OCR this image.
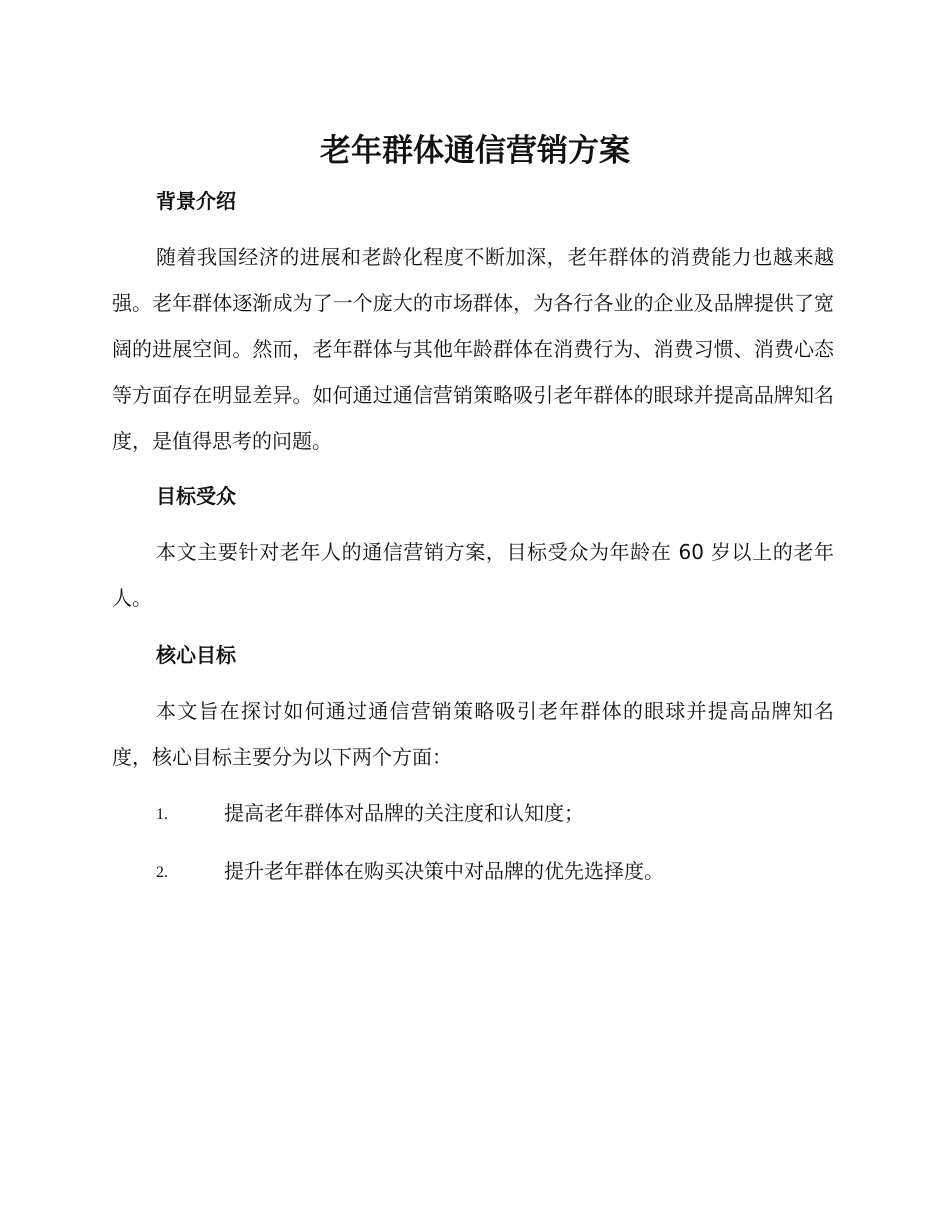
老年群体通信营销方案
背景介绍

随着我国经济的进展和老龄化程度不断加深，老年群体的消费能力也越来越强。老年群体逐渐成为了一个庞大的市场群体，为各行各业的企业及品牌提供了宽阔的进展空间。然而，老年群体与其他年龄群体在消费行为、消费习惯、消费心态等方面存在明显差异。如何通过通信营销策略吸引老年群体的眼球并提高品牌知名度，是值得思考的问题。

目标受众

本文主要针对老年人的通信营销方案，目标受众为年龄在 60 岁以上的老年人。

核心目标

本文旨在探讨如何通过通信营销策略吸引老年群体的眼球并提高品牌知名度，核心目标主要分为以下两个方面：

1.	提高老年群体对品牌的关注度和认知度；
2.	提升老年群体在购买决策中对品牌的优先选择度。
